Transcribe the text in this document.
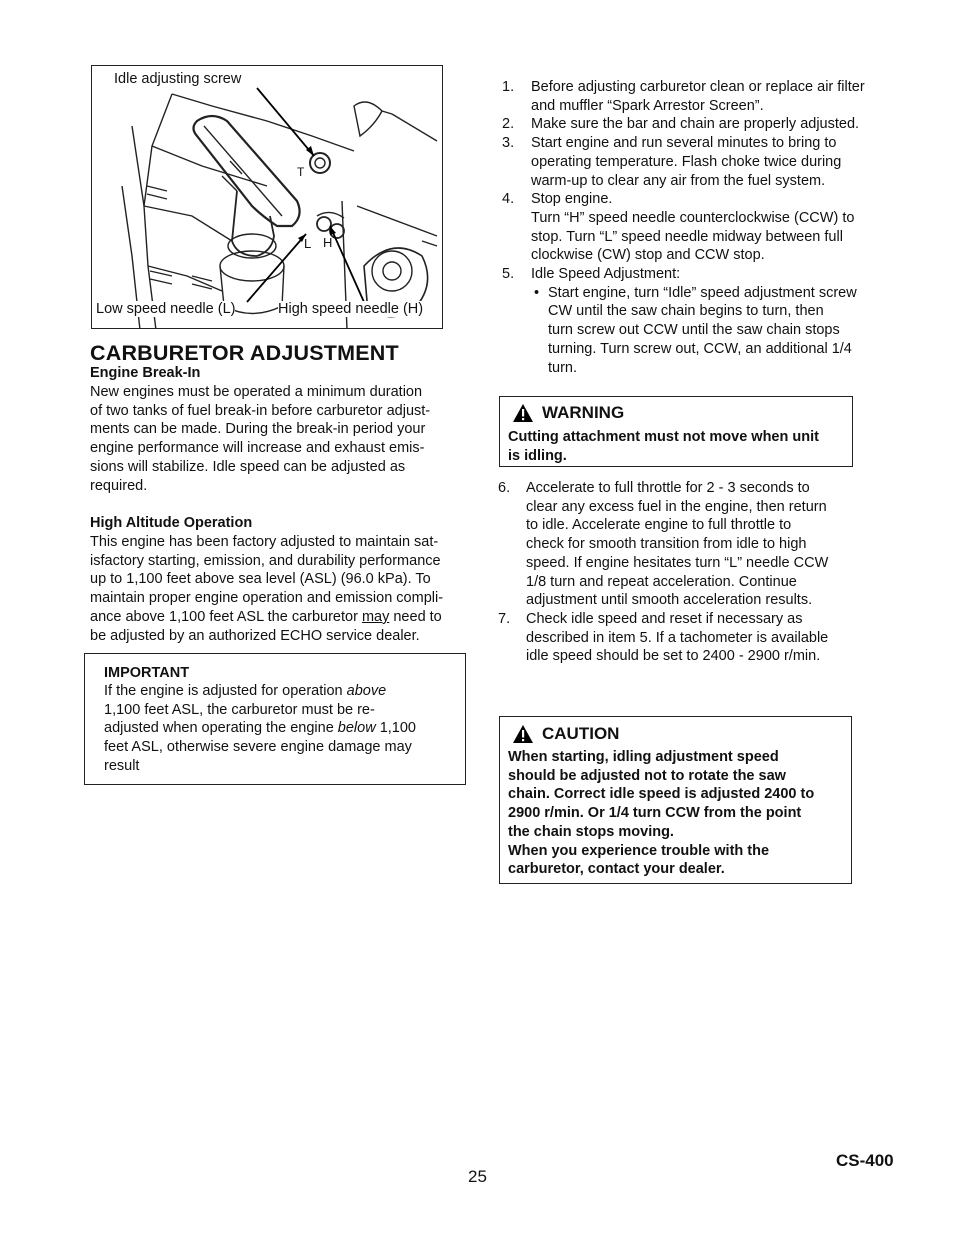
Idle adjusting screw
T
L H
Low speed needle (L)	High speed needle (H)
CARBURETOR ADJUSTMENT
Engine Break-In
New engines must be operated a minimum duration
of two tanks of fuel break-in before carburetor adjust-
ments can be made. During the break-in period your
engine performance will increase and exhaust emis-
sions will stabilize. Idle speed can be adjusted as
required.
High Altitude Operation
This engine has been factory adjusted to maintain sat-
isfactory starting, emission, and durability performance
up to 1,100 feet above sea level (ASL) (96.0 kPa). To
maintain proper engine operation and emission compli-
ance above 1,100 feet ASL the carburetor may need to
be adjusted by an authorized ECHO service dealer.
IMPORTANT
If the engine is adjusted for operation above
1,100 feet ASL, the carburetor must be re-
adjusted when operating the engine below 1,100
feet ASL, otherwise severe engine damage may
result
1. Before adjusting carburetor clean or replace air filter
and muffler “Spark Arrestor Screen”.
2. Make sure the bar and chain are properly adjusted.
3. Start engine and run several minutes to bring to
operating temperature. Flash choke twice during
warm-up to clear any air from the fuel system.
4. Stop engine.
Turn “H” speed needle counterclockwise (CCW) to
stop. Turn “L” speed needle midway between full
clockwise (CW) stop and CCW stop.
5. Idle Speed Adjustment:
• Start engine, turn “Idle” speed adjustment screw
CW until the saw chain begins to turn, then
turn screw out CCW until the saw chain stops
turning. Turn screw out, CCW, an additional 1/4
turn.
WARNING
Cutting attachment must not move when unit
is idling.
6. Accelerate to full throttle for 2 - 3 seconds to
clear any excess fuel in the engine, then return
to idle. Accelerate engine to full throttle to
check for smooth transition from idle to high
speed. If engine hesitates turn “L” needle CCW
1/8 turn and repeat acceleration. Continue
adjustment until smooth acceleration results.
7. Check idle speed and reset if necessary as
described in item 5. If a tachometer is available
idle speed should be set to 2400 - 2900 r/min.
CAUTION
When starting, idling adjustment speed
should be adjusted not to rotate the saw
chain. Correct idle speed is adjusted 2400 to
2900 r/min. Or 1/4 turn CCW from the point
the chain stops moving.
When you experience trouble with the
carburetor, contact your dealer.
CS-400
25
